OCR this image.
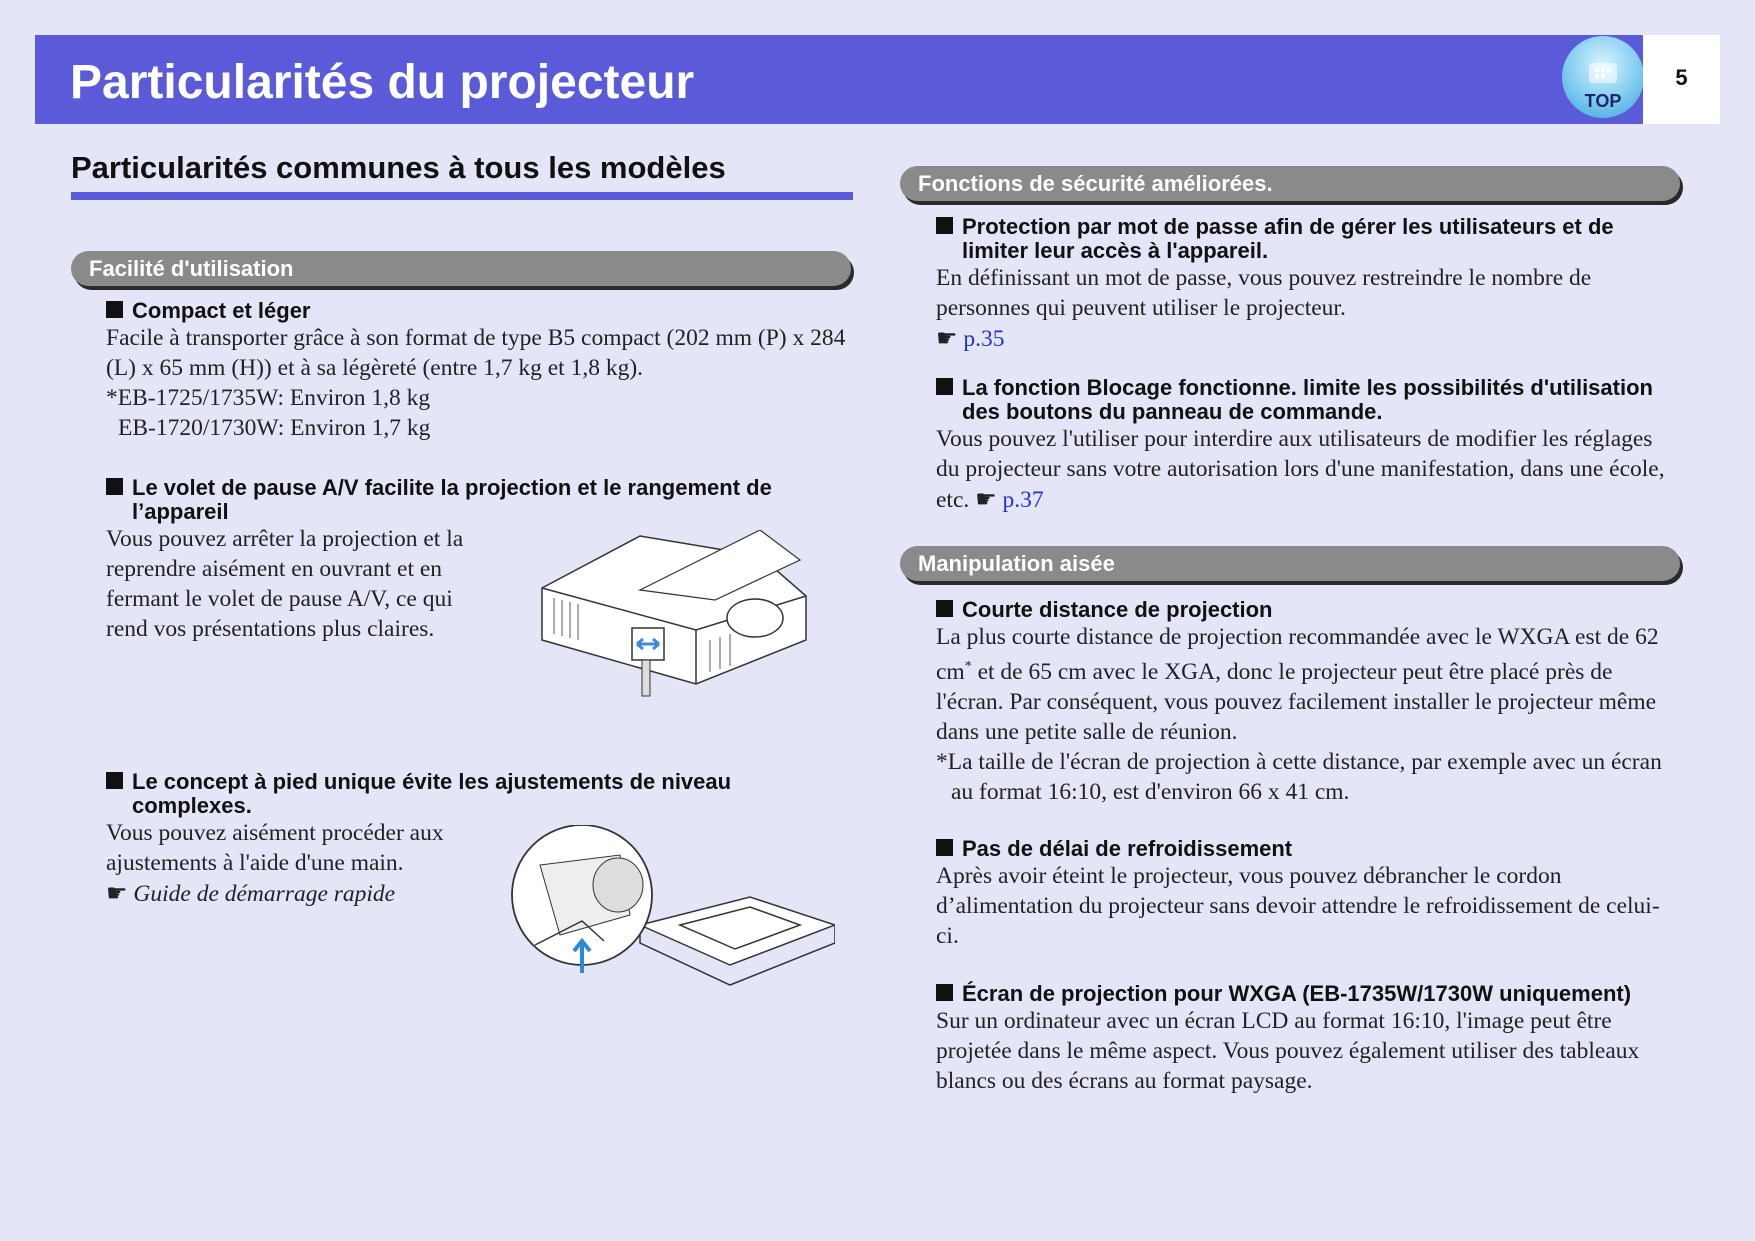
Particularités du projecteur	TOP
5
Particularités communes à tous les modèles
Facilité d'utilisation
Compact et léger

Facile à transporter grâce à son format de type B5 compact (202 mm (P) x 284 (L) x 65 mm (H)) et à sa légèreté (entre 1,7 kg et 1,8 kg).

*EB-1725/1735W: Environ 1,8 kg

EB-1720/1730W: Environ 1,7 kg

Le volet de pause A/V facilite la projection et le rangement de l’appareil

Vous pouvez arrêter la projection et la reprendre aisément en ouvrant et en fermant le volet de pause A/V, ce qui rend vos présentations plus claires.

Le concept à pied unique évite les ajustements de niveau complexes.

Vous pouvez aisément procéder aux ajustements à l'aide d'une main.

☛ Guide de démarrage rapide

Fonctions de sécurité améliorées.
Protection par mot de passe afin de gérer les utilisateurs et de limiter leur accès à l'appareil.

En définissant un mot de passe, vous pouvez restreindre le nombre de personnes qui peuvent utiliser le projecteur.

☛ p.35

La fonction Blocage fonctionne. limite les possibilités d'utilisation des boutons du panneau de commande.

Vous pouvez l'utiliser pour interdire aux utilisateurs de modifier les réglages du projecteur sans votre autorisation lors d'une manifestation, dans une école, etc. ☛ p.37

Manipulation aisée
Courte distance de projection

La plus courte distance de projection recommandée avec le WXGA est de 62 cm* et de 65 cm avec le XGA, donc le projecteur peut être placé près de l'écran. Par conséquent, vous pouvez facilement installer le projecteur même dans une petite salle de réunion.

*La taille de l'écran de projection à cette distance, par exemple avec un écran au format 16:10, est d'environ 66 x 41 cm.

Pas de délai de refroidissement

Après avoir éteint le projecteur, vous pouvez débrancher le cordon d’alimentation du projecteur sans devoir attendre le refroidissement de celui-ci.

Écran de projection pour WXGA (EB-1735W/1730W uniquement)

Sur un ordinateur avec un écran LCD au format 16:10, l'image peut être projetée dans le même aspect. Vous pouvez également utiliser des tableaux blancs ou des écrans au format paysage.
